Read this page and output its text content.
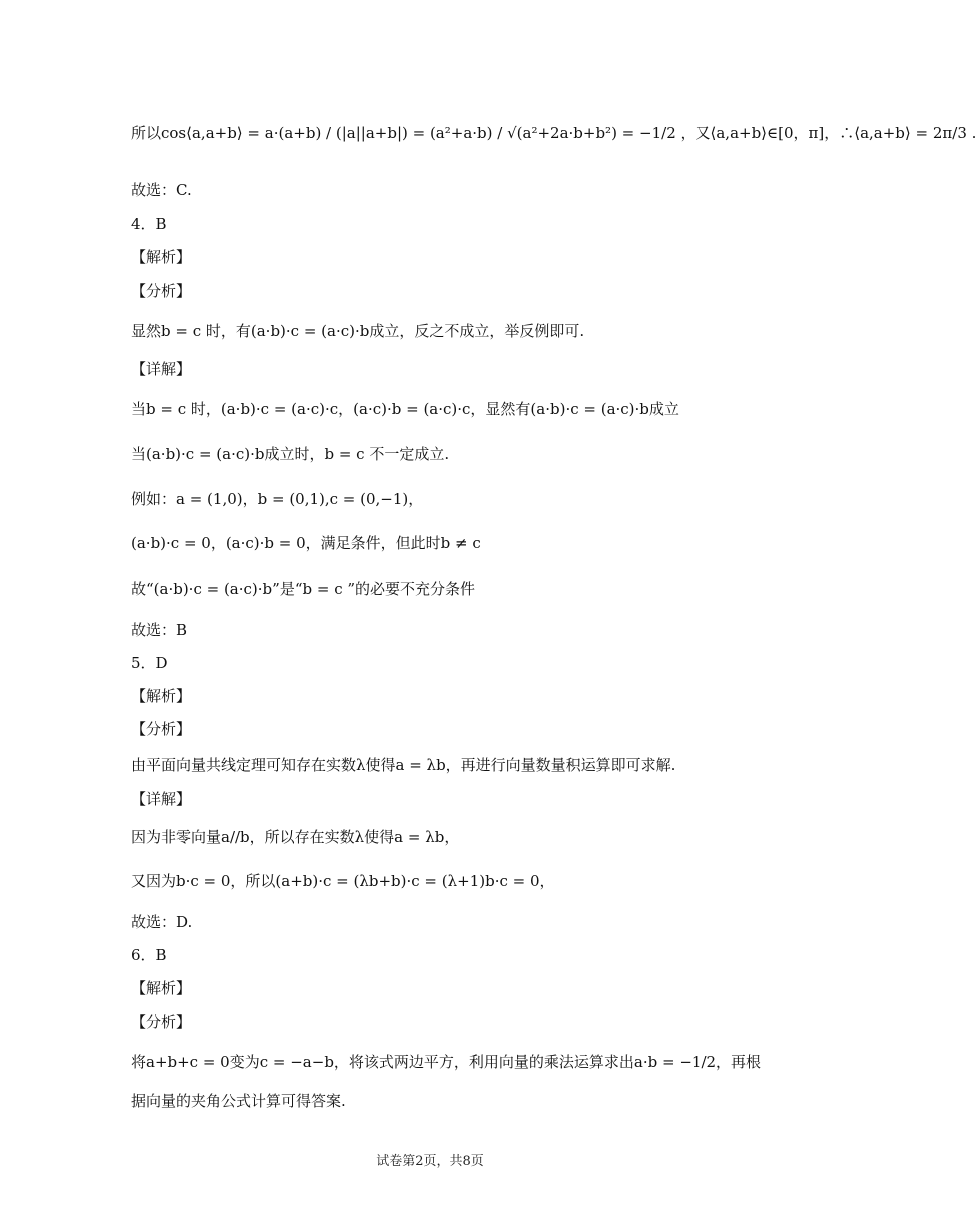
所以cos⟨a,a+b⟩ = a·(a+b) / (|a||a+b|) = (a²+a·b) / √(a²+2a·b+b²) = −1/2 ，又⟨a,a+b⟩∈[0，π]，∴⟨a,a+b⟩ = 2π/3 .
故选：C.
4．B
【解析】
【分析】
显然b = c 时，有(a·b)·c = (a·c)·b成立，反之不成立，举反例即可.
【详解】
当b = c 时，(a·b)·c = (a·c)·c，(a·c)·b = (a·c)·c，显然有(a·b)·c = (a·c)·b成立
当(a·b)·c = (a·c)·b成立时，b = c 不一定成立.
例如：a = (1,0)，b = (0,1),c = (0,−1)，
(a·b)·c = 0，(a·c)·b = 0，满足条件，但此时b ≠ c
故“(a·b)·c = (a·c)·b”是“b = c ”的必要不充分条件
故选：B
5．D
【解析】
【分析】
由平面向量共线定理可知存在实数λ使得a = λb，再进行向量数量积运算即可求解.
【详解】
因为非零向量a//b，所以存在实数λ使得a = λb，
又因为b·c = 0，所以(a+b)·c = (λb+b)·c = (λ+1)b·c = 0，
故选：D.
6．B
【解析】
【分析】
将a+b+c = 0变为c = −a−b，将该式两边平方，利用向量的乘法运算求出a·b = −1/2，再根
据向量的夹角公式计算可得答案.
试卷第2页，共8页
